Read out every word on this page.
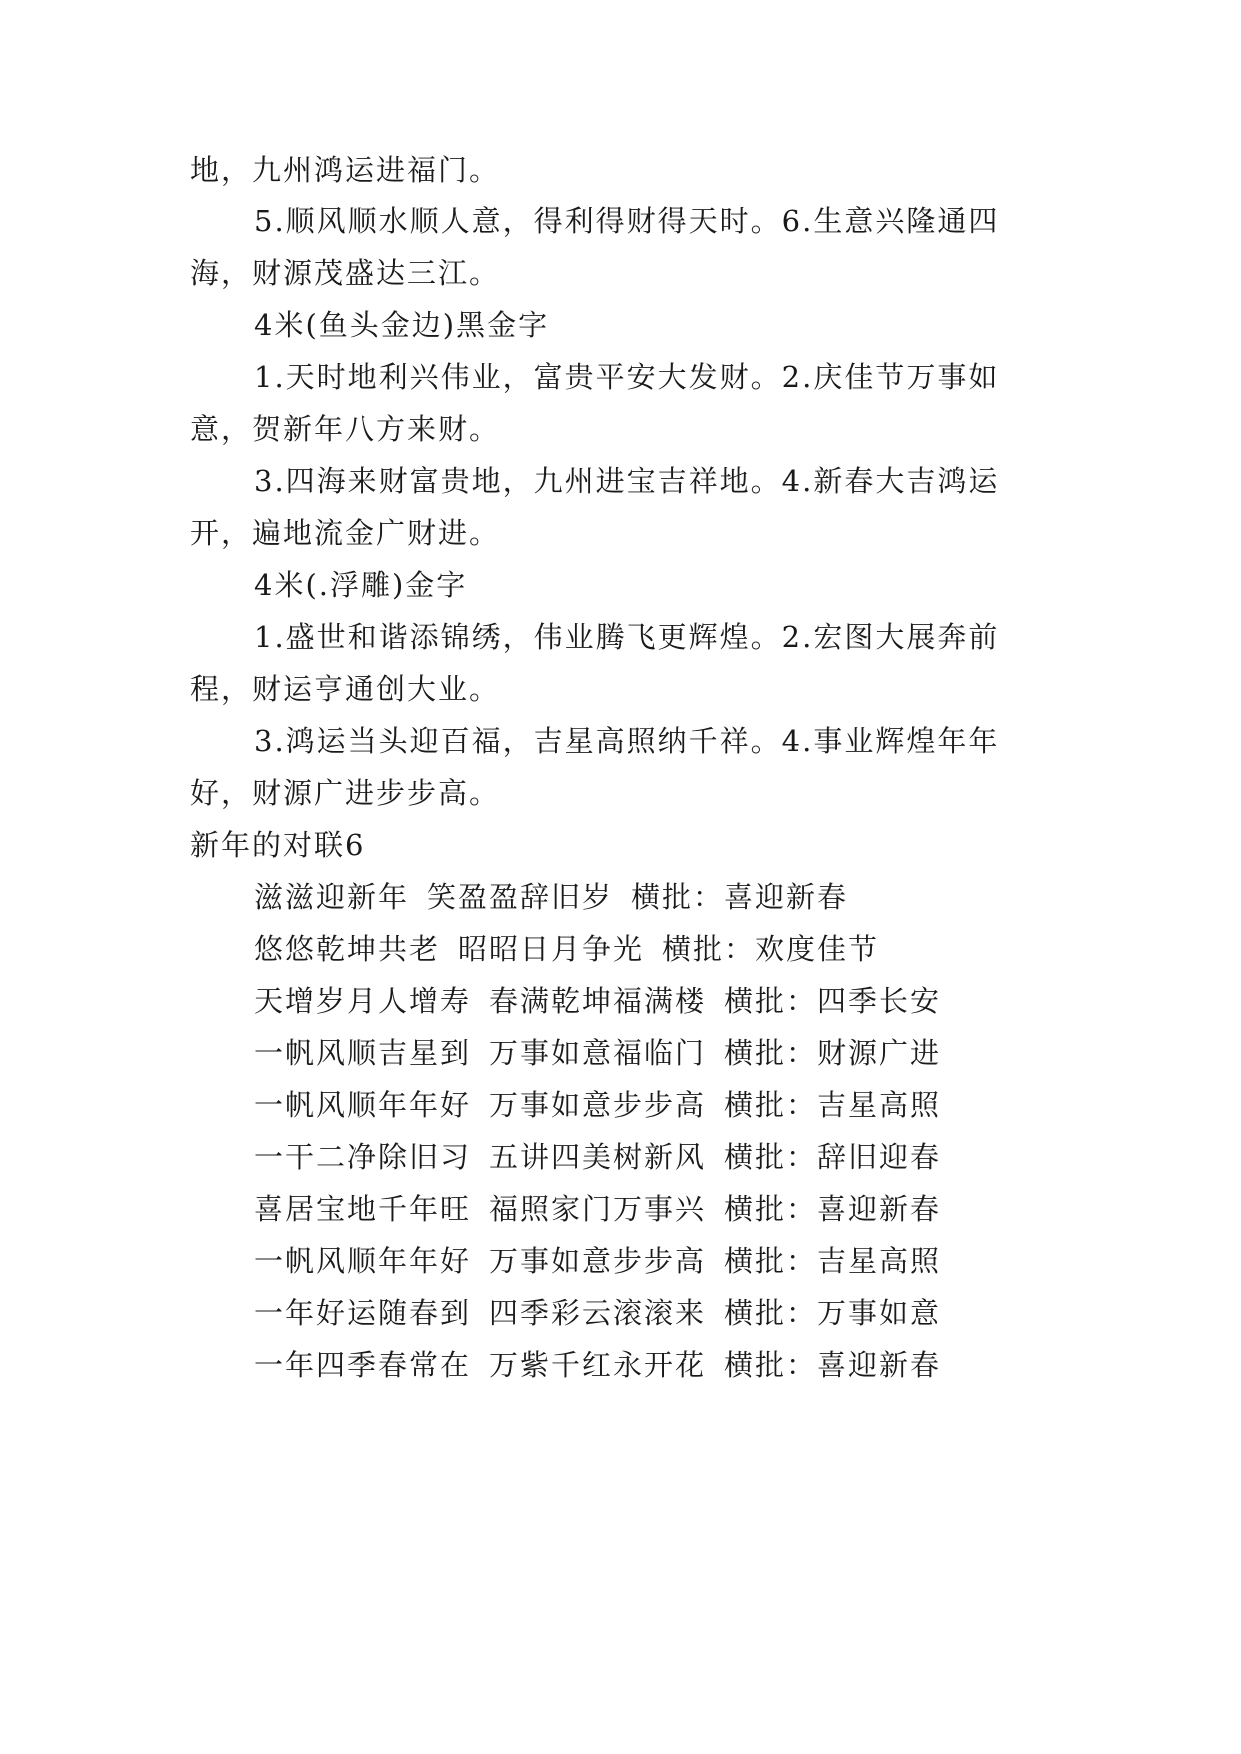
地，九州鸿运进福门。
5.顺风顺水顺人意，得利得财得天时。6.生意兴隆通四
海，财源茂盛达三江。
4米(鱼头金边)黑金字
1.天时地利兴伟业，富贵平安大发财。2.庆佳节万事如
意，贺新年八方来财。
3.四海来财富贵地，九州进宝吉祥地。4.新春大吉鸿运
开，遍地流金广财进。
4米(.浮雕)金字
1.盛世和谐添锦绣，伟业腾飞更辉煌。2.宏图大展奔前
程，财运亨通创大业。
3.鸿运当头迎百福，吉星高照纳千祥。4.事业辉煌年年
好，财源广进步步高。
新年的对联6
滋滋迎新年 笑盈盈辞旧岁 横批：喜迎新春
悠悠乾坤共老 昭昭日月争光 横批：欢度佳节
天增岁月人增寿 春满乾坤福满楼 横批：四季长安
一帆风顺吉星到 万事如意福临门 横批：财源广进
一帆风顺年年好 万事如意步步高 横批：吉星高照
一干二净除旧习 五讲四美树新风 横批：辞旧迎春
喜居宝地千年旺 福照家门万事兴 横批：喜迎新春
一帆风顺年年好 万事如意步步高 横批：吉星高照
一年好运随春到 四季彩云滚滚来 横批：万事如意
一年四季春常在 万紫千红永开花 横批：喜迎新春
